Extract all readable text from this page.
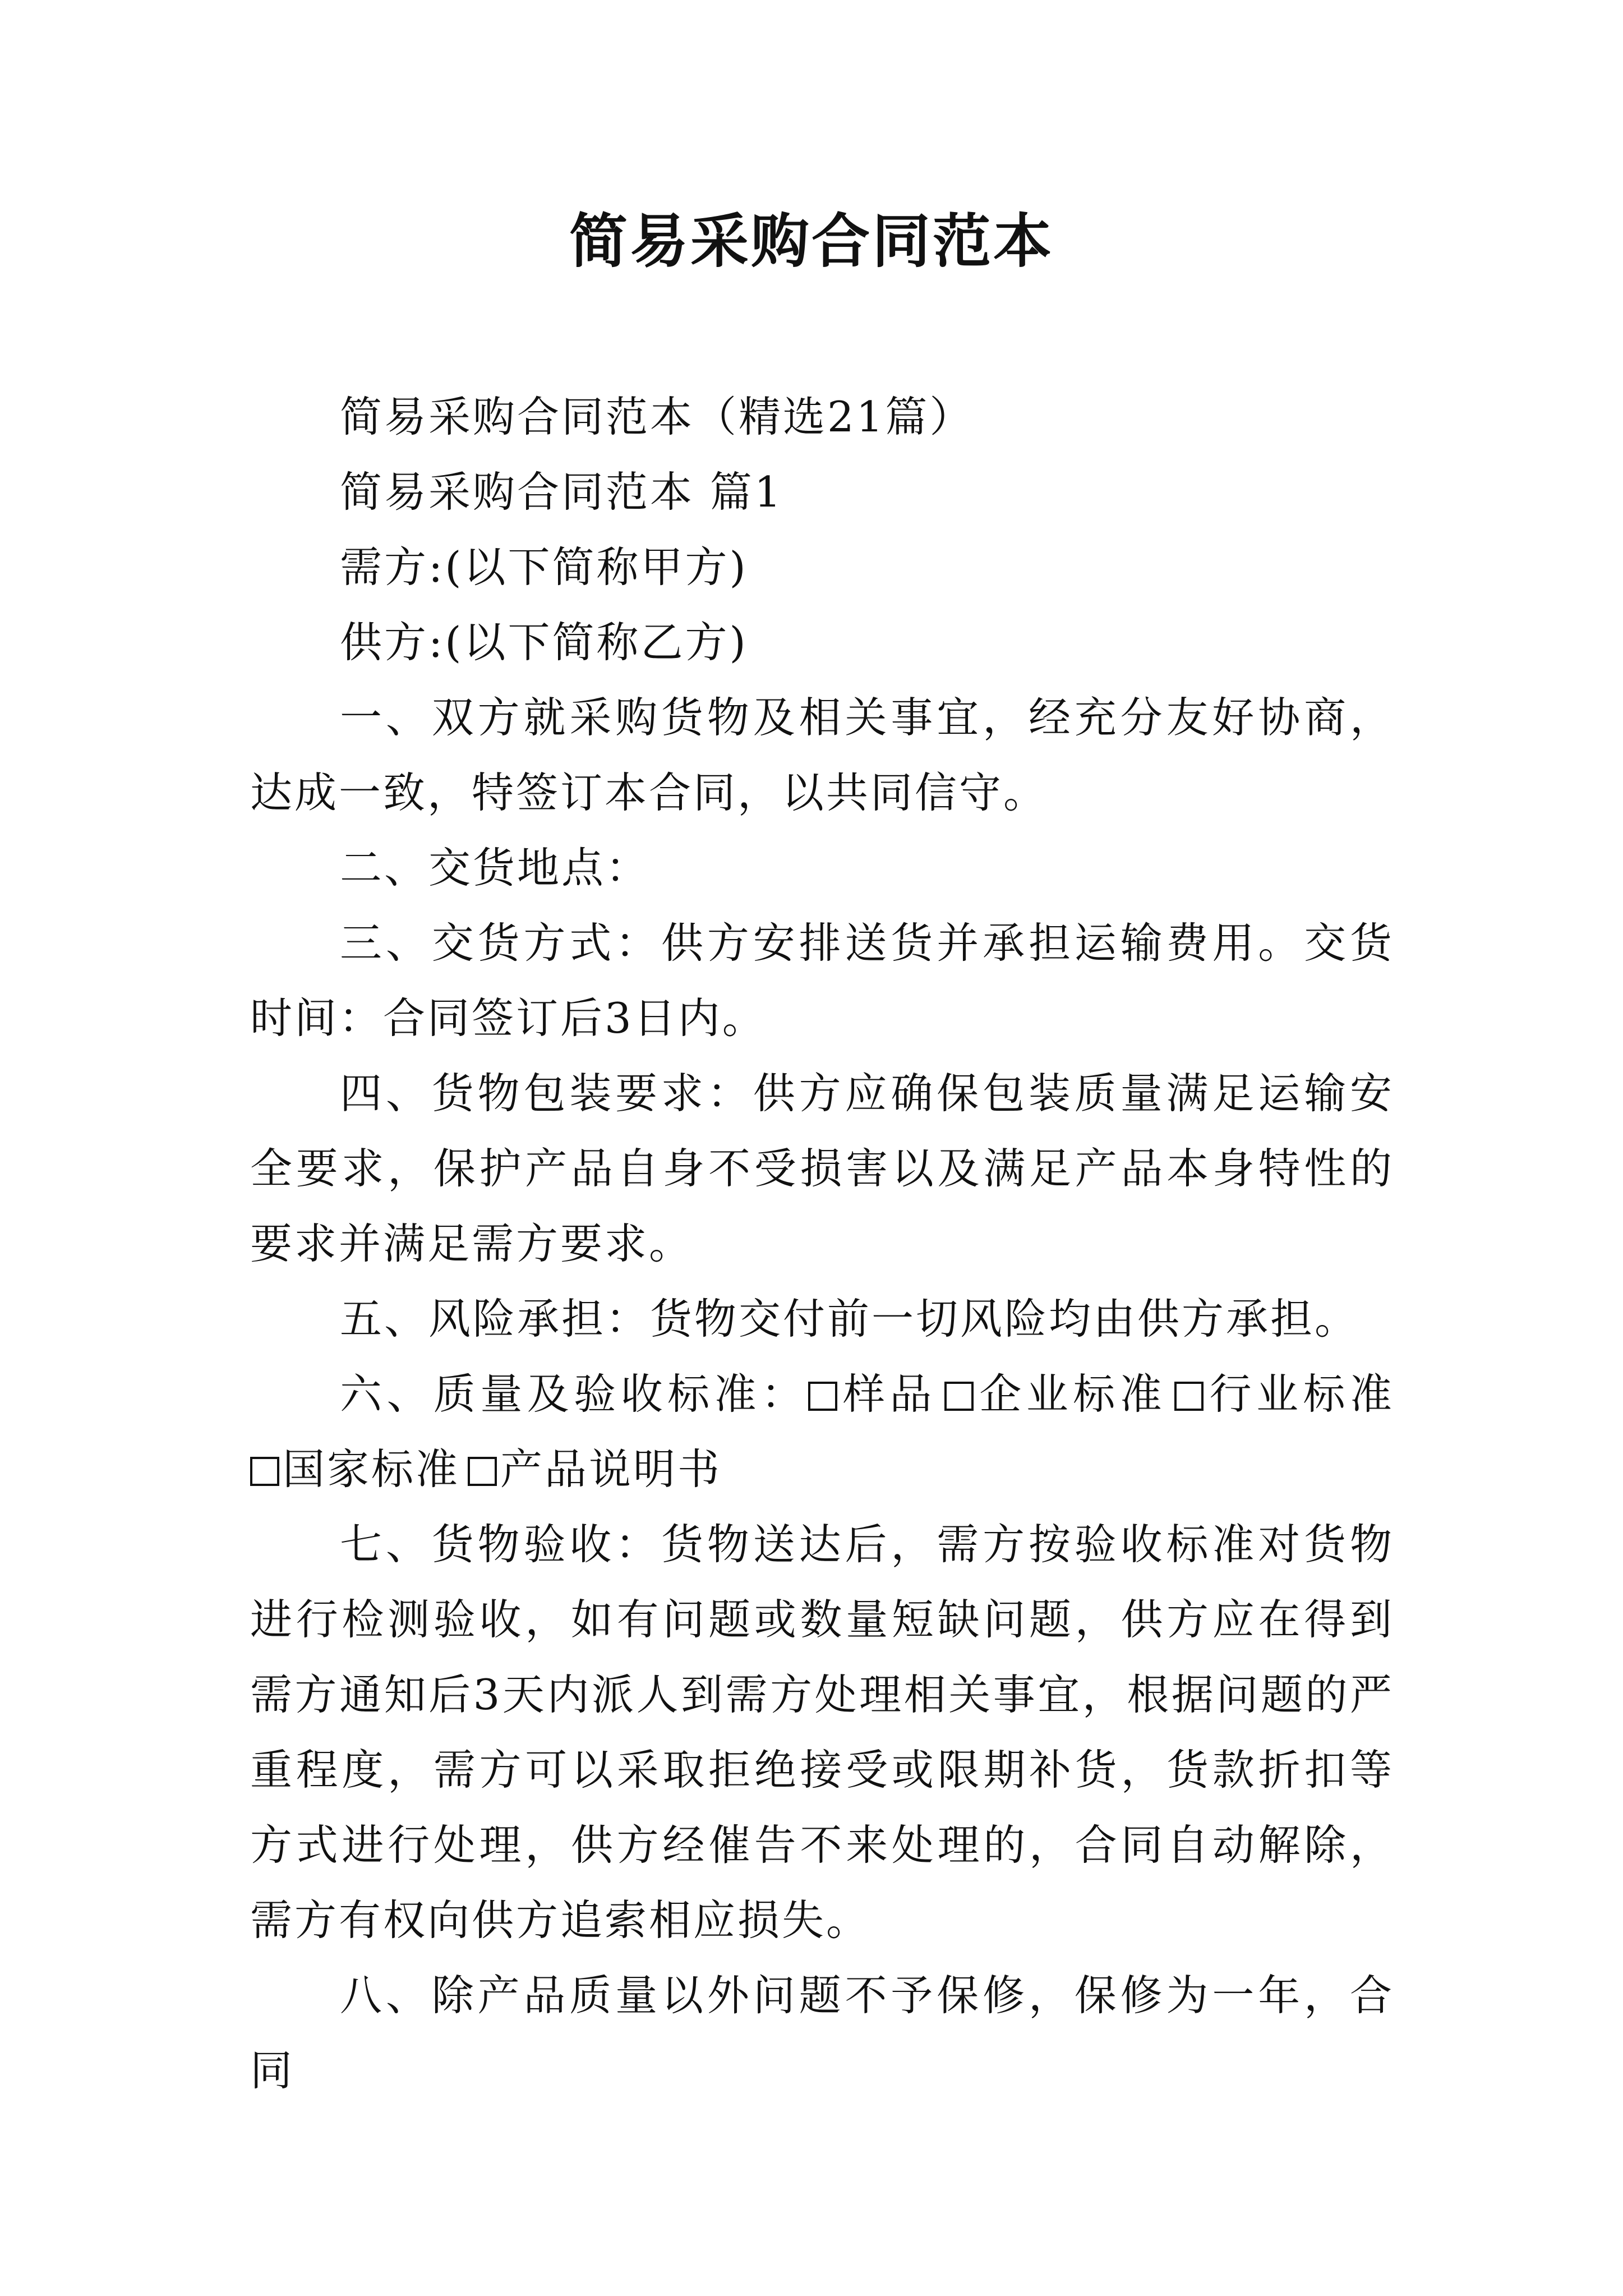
简易采购合同范本

简易采购合同范本（精选21篇）

简易采购合同范本 篇1

需方:(以下简称甲方)

供方:(以下简称乙方)

一、双方就采购货物及相关事宜，经充分友好协商，达成一致，特签订本合同，以共同信守。

二、交货地点：

三、交货方式：供方安排送货并承担运输费用。交货时间：合同签订后3日内。

四、货物包装要求：供方应确保包装质量满足运输安全要求，保护产品自身不受损害以及满足产品本身特性的要求并满足需方要求。

五、风险承担：货物交付前一切风险均由供方承担。

六、质量及验收标准： 样品 企业标准 行业标准国家标准 产品说明书

七、货物验收：货物送达后，需方按验收标准对货物进行检测验收，如有问题或数量短缺问题，供方应在得到需方通知后3天内派人到需方处理相关事宜，根据问题的严重程度，需方可以采取拒绝接受或限期补货，货款折扣等方式进行处理，供方经催告不来处理的，合同自动解除，需方有权向供方追索相应损失。

八、除产品质量以外问题不予保修，保修为一年，合同
